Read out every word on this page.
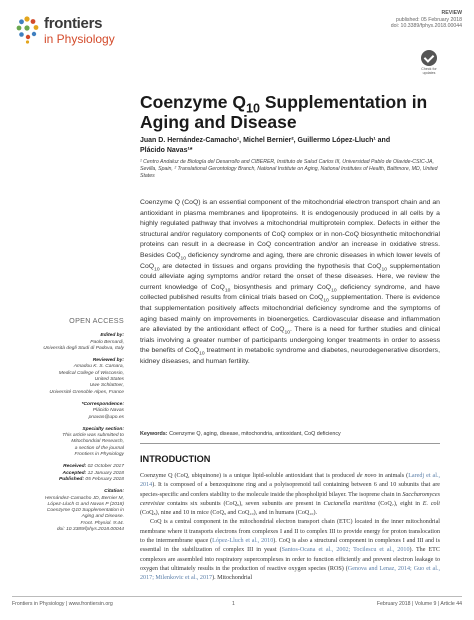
frontiers
in Physiology
REVIEW
published: 05 February 2018
doi: 10.3389/fphys.2018.00044
Check for updates
Coenzyme $Q_{10}$ Supplementation in Aging and Disease
Juan D. Hernández-Camacho¹, Michel Bernier², Guillermo López-Lluch¹ and
Plácido Navas¹*
¹ Centro Andaluz de Biología del Desarrollo and CIBERER, Instituto de Salud Carlos III, Universidad Pablo de Olavide-CSIC-JA, Sevilla, Spain, ² Translational Gerontology Branch, National Institute on Aging, National Institutes of Health, Baltimore, MD, United States
Coenzyme Q (CoQ) is an essential component of the mitochondrial electron transport chain and an antioxidant in plasma membranes and lipoproteins. It is endogenously produced in all cells by a highly regulated pathway that involves a mitochondrial multiprotein complex. Defects in either the structural and/or regulatory components of CoQ complex or in non-CoQ biosynthetic mitochondrial proteins can result in a decrease in CoQ concentration and/or an increase in oxidative stress. Besides CoQ$_{10}$ deficiency syndrome and aging, there are chronic diseases in which lower levels of CoQ$_{10}$ are detected in tissues and organs providing the hypothesis that CoQ$_{10}$ supplementation could alleviate aging symptoms and/or retard the onset of these diseases. Here, we review the current knowledge of CoQ$_{10}$ biosynthesis and primary CoQ$_{10}$ deficiency syndrome, and have collected published results from clinical trials based on CoQ$_{10}$ supplementation. There is evidence that supplementation positively affects mitochondrial deficiency syndrome and the symptoms of aging based mainly on improvements in bioenergetics. Cardiovascular disease and inflammation are alleviated by the antioxidant effect of CoQ$_{10}$. There is a need for further studies and clinical trials involving a greater number of participants undergoing longer treatments in order to assess the benefits of CoQ$_{10}$ treatment in metabolic syndrome and diabetes, neurodegenerative disorders, kidney diseases, and human fertility.
Keywords: Coenzyme Q, aging, disease, mitochondria, antioxidant, CoQ deficiency
OPEN ACCESS
Edited by:
Paolo Bernardi,
Università degli Studi di Padova, Italy
Reviewed by:
Amadou K. S. Camara,
Medical College of Wisconsin,
United States
Uwe Schlattner,
Université Grenoble Alpes, France
*Correspondence:
Plácido Navas
pnavas@upo.es
Specialty section:
This article was submitted to
Mitochondrial Research,
a section of the journal
Frontiers in Physiology
Received: 02 October 2017
Accepted: 12 January 2018
Published: 05 February 2018
Citation:
Hernández-Camacho JD, Bernier M,
López-Lluch G and Navas P (2018)
Coenzyme Q10 Supplementation in
Aging and Disease.
Front. Physiol. 9:44.
doi: 10.3389/fphys.2018.00044
INTRODUCTION
Coenzyme Q (CoQ, ubiquinone) is a unique lipid-soluble antioxidant that is produced de novo in animals (Laredj et al., 2014). It is composed of a benzoquinone ring and a polyisoprenoid tail containing between 6 and 10 subunits that are species-specific and confers stability to the molecule inside the phospholipid bilayer. The isoprene chain in Saccharomyces cerevisiae contains six subunits (CoQ₆), seven subunits are present in Cucianella maritima (CoQ₇), eight in E. coli (CoQ₈), nine and 10 in mice (CoQ₉ and CoQ₁₀), and in humans (CoQ₁₀).
CoQ is a central component in the mitochondrial electron transport chain (ETC) located in the inner mitochondrial membrane where it transports electrons from complexes I and II to complex III to provide energy for proton translocation to the intermembrane space (López-Lluch et al., 2010). CoQ is also a structural component in complexes I and III and is essential in the stabilization of complex III in yeast (Santos-Ocana et al., 2002; Tocilescu et al., 2010). The ETC complexes are assembled into respiratory supercomplexes in order to function efficiently and prevent electron leakage to oxygen that ultimately results in the production of reactive oxygen species (ROS) (Genova and Lenaz, 2014; Guo et al., 2017; Milenkovic et al., 2017). Mitochondrial
Frontiers in Physiology | www.frontiersin.org	1	February 2018 | Volume 9 | Article 44
